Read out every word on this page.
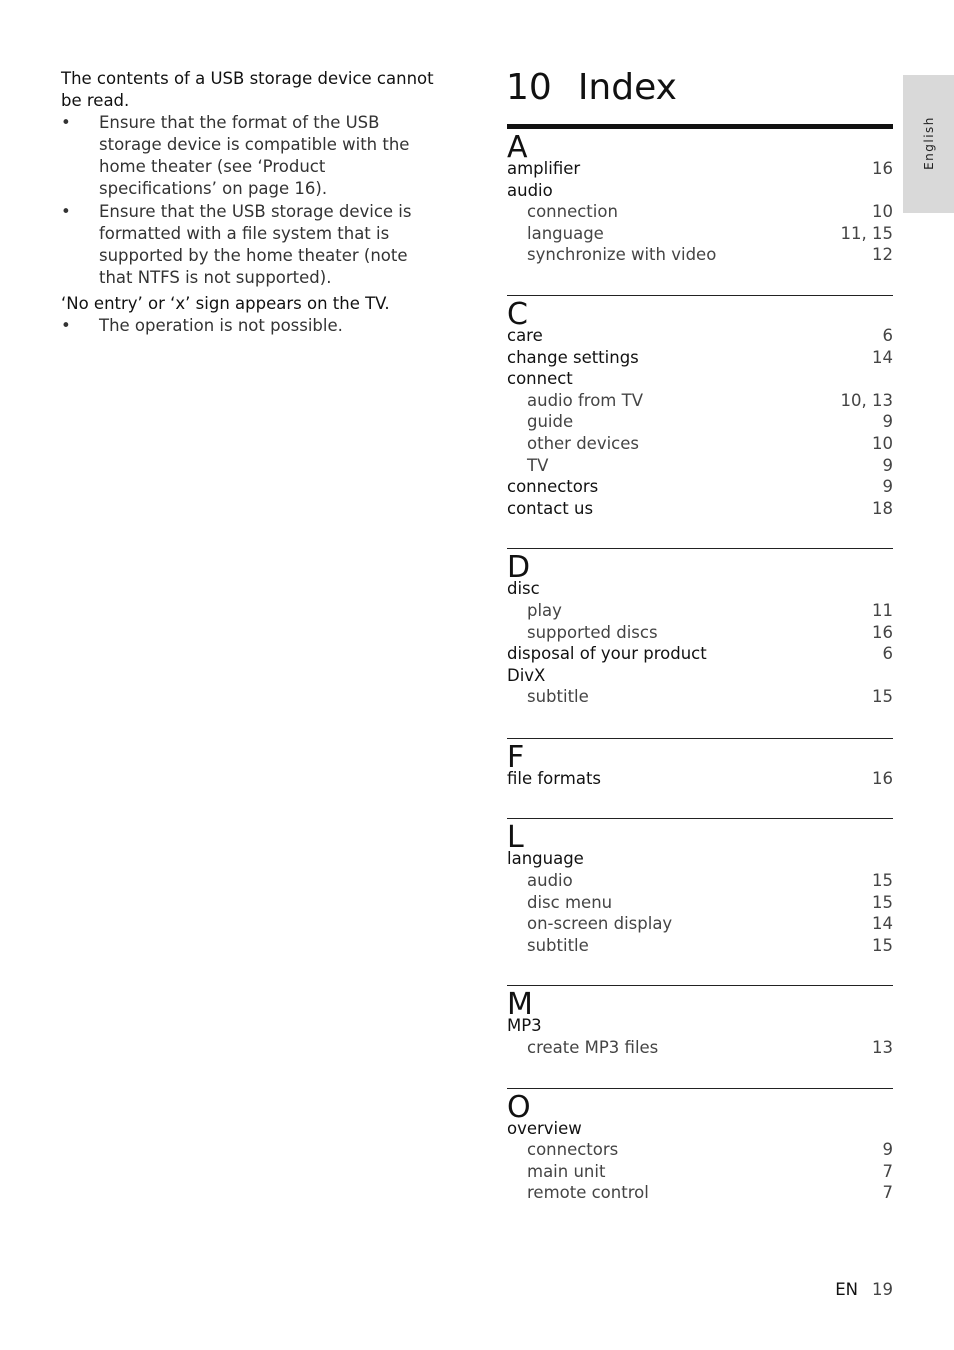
The contents of a USB storage device cannot be read.
• Ensure that the format of the USB storage device is compatible with the home theater (see ‘Product specifications’ on page 16).
• Ensure that the USB storage device is formatted with a file system that is supported by the home theater (note that NTFS is not supported).
‘No entry’ or ‘x’ sign appears on the TV.
• The operation is not possible.
10 Index
A
amplifier	16
audio
connection	10
language	11, 15
synchronize with video	12
C
care	6
change settings	14
connect
audio from TV	10, 13
guide	9
other devices	10
TV	9
connectors	9
contact us	18
D
disc
play	11
supported discs	16
disposal of your product	6
DivX
subtitle	15
F
file formats	16
L
language
audio	15
disc menu	15
on-screen display	14
subtitle	15
M
MP3
create MP3 files	13
O
overview
connectors	9
main unit	7
remote control	7
English
EN 19
